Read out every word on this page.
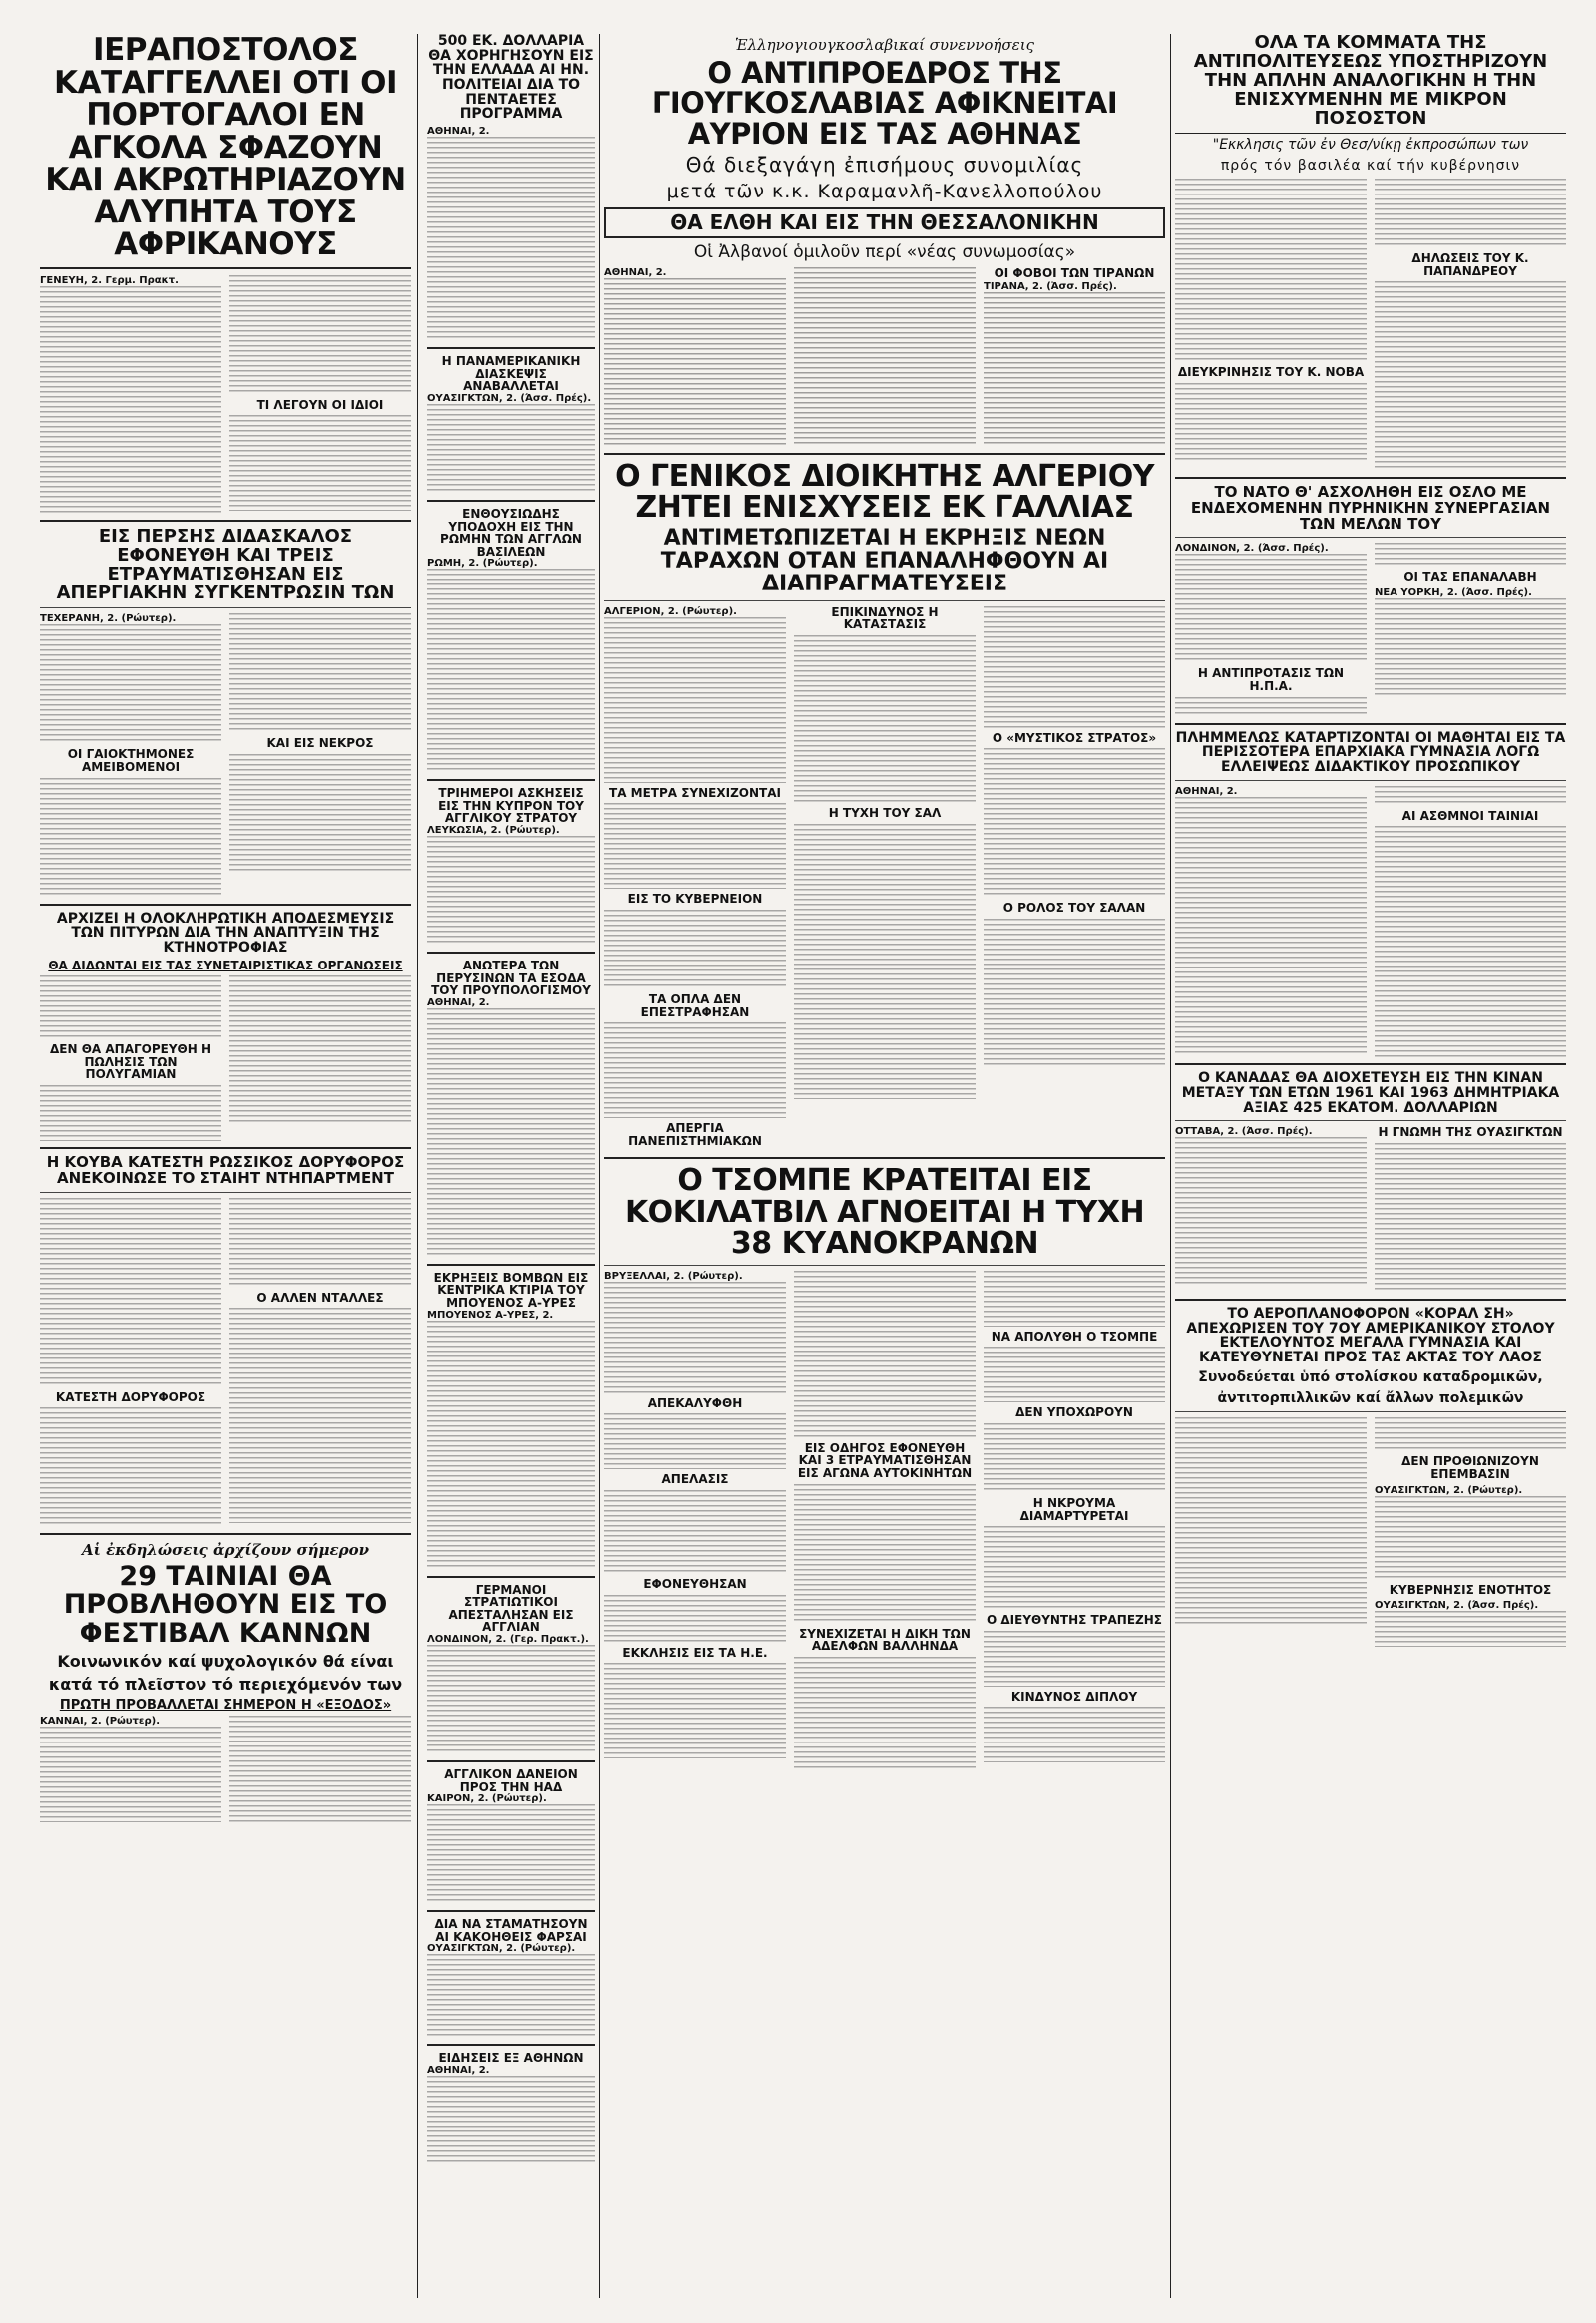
ΙΕΡΑΠΟΣΤΟΛΟΣ ΚΑΤΑΓΓΕΛΛΕΙ ΟΤΙ ΟΙ ΠΟΡΤΟΓΑΛΟΙ ΕΝ ΑΓΚΟΛΑ ΣΦΑΖΟΥΝ ΚΑΙ ΑΚΡΩΤΗΡΙΑΖΟΥΝ ΑΛΥΠΗΤΑ ΤΟΥΣ ΑΦΡΙΚΑΝΟΥΣ
ΓΕΝΕΥΗ, 2. Γερμ. Πρακτ.
ΤΙ ΛΕΓΟΥΝ ΟΙ ΙΔΙΟΙ
ΕΙΣ ΠΕΡΣΗΣ ΔΙΔΑΣΚΑΛΟΣ ΕΦΟΝΕΥΘΗ ΚΑΙ ΤΡΕΙΣ ΕΤΡΑΥΜΑΤΙΣΘΗΣΑΝ ΕΙΣ ΑΠΕΡΓΙΑΚΗΝ ΣΥΓΚΕΝΤΡΩΣΙΝ ΤΩΝ
ΤΕΧΕΡΑΝΗ, 2. (Ρώυτερ).
ΟΙ ΓΑΙΟΚΤΗΜΟΝΕΣ ΑΜΕΙΒΟΜΕΝΟΙ
ΚΑΙ ΕΙΣ ΝΕΚΡΟΣ
ΑΡΧΙΖΕΙ Η ΟΛΟΚΛΗΡΩΤΙΚΗ ΑΠΟΔΕΣΜΕΥΣΙΣ ΤΩΝ ΠΙΤΥΡΩΝ ΔΙΑ ΤΗΝ ΑΝΑΠΤΥΞΙΝ ΤΗΣ ΚΤΗΝΟΤΡΟΦΙΑΣ
ΘΑ ΔΙΔΩΝΤΑΙ ΕΙΣ ΤΑΣ ΣΥΝΕΤΑΙΡΙΣΤΙΚΑΣ ΟΡΓΑΝΩΣΕΙΣ
ΔΕΝ ΘΑ ΑΠΑΓΟΡΕΥΘΗ Η ΠΩΛΗΣΙΣ ΤΩΝ ΠΟΛΥΓΑΜΙΑΝ
Η ΚΟΥΒΑ ΚΑΤΕΣΤΗ ΡΩΣΣΙΚΟΣ ΔΟΡΥΦΟΡΟΣ ΑΝΕΚΟΙΝΩΣΕ ΤΟ ΣΤΑΙΗΤ ΝΤΗΠΑΡΤΜΕΝΤ
ΚΑΤΕΣΤΗ ΔΟΡΥΦΟΡΟΣ
Ο ΑΛΛΕΝ ΝΤΑΛΛΕΣ
Αἱ ἐκδηλώσεις ἀρχίζουν σήμερον
29 ΤΑΙΝΙΑΙ ΘΑ ΠΡΟΒΛΗΘΟΥΝ ΕΙΣ ΤΟ ΦΕΣΤΙΒΑΛ ΚΑΝΝΩΝ
Κοινωνικόν καί ψυχολογικόν θά είναι
κατά τό πλεῖστον τό περιεχόμενόν των
ΠΡΩΤΗ ΠΡΟΒΑΛΛΕΤΑΙ ΣΗΜΕΡΟΝ Η «ΕΞΟΔΟΣ»
ΚΑΝΝΑΙ, 2. (Ρώυτερ).
500 ΕΚ. ΔΟΛΛΑΡΙΑ ΘΑ ΧΟΡΗΓΗΣΟΥΝ ΕΙΣ ΤΗΝ ΕΛΛΑΔΑ ΑΙ ΗΝ. ΠΟΛΙΤΕΙΑΙ ΔΙΑ ΤΟ ΠΕΝΤΑΕΤΕΣ ΠΡΟΓΡΑΜΜΑ
ΑΘΗΝΑΙ, 2.
Η ΠΑΝΑΜΕΡΙΚΑΝΙΚΗ ΔΙΑΣΚΕΨΙΣ ΑΝΑΒΑΛΛΕΤΑΙ
ΟΥΑΣΙΓΚΤΩΝ, 2. (Άσσ. Πρές).
ΕΝΘΟΥΣΙΩΔΗΣ ΥΠΟΔΟΧΗ ΕΙΣ ΤΗΝ ΡΩΜΗΝ ΤΩΝ ΑΓΓΛΩΝ ΒΑΣΙΛΕΩΝ
ΡΩΜΗ, 2. (Ρώυτερ).
ΤΡΙΗΜΕΡΟΙ ΑΣΚΗΣΕΙΣ ΕΙΣ ΤΗΝ ΚΥΠΡΟΝ ΤΟΥ ΑΓΓΛΙΚΟΥ ΣΤΡΑΤΟΥ
ΛΕΥΚΩΣΙΑ, 2. (Ρώυτερ).
ΑΝΩΤΕΡΑ ΤΩΝ ΠΕΡΥΣΙΝΩΝ ΤΑ ΕΣΟΔΑ ΤΟΥ ΠΡΟΥΠΟΛΟΓΙΣΜΟΥ
ΑΘΗΝΑΙ, 2.
ΕΚΡΗΞΕΙΣ ΒΟΜΒΩΝ ΕΙΣ ΚΕΝΤΡΙΚΑ ΚΤΙΡΙΑ ΤΟΥ ΜΠΟΥΕΝΟΣ Α-ΥΡΕΣ
ΜΠΟΥΕΝΟΣ Α-ΥΡΕΣ, 2.
ΓΕΡΜΑΝΟΙ ΣΤΡΑΤΙΩΤΙΚΟΙ ΑΠΕΣΤΑΛΗΣΑΝ ΕΙΣ ΑΓΓΛΙΑΝ
ΛΟΝΔΙΝΟΝ, 2. (Γερ. Πρακτ.).
ΑΓΓΛΙΚΟΝ ΔΑΝΕΙΟΝ ΠΡΟΣ ΤΗΝ ΗΑΔ
ΚΑΙΡΟΝ, 2. (Ρώυτερ).
ΔΙΑ ΝΑ ΣΤΑΜΑΤΗΣΟΥΝ ΑΙ ΚΑΚΟΗΘΕΙΣ ΦΑΡΣΑΙ
ΟΥΑΣΙΓΚΤΩΝ, 2. (Ρώυτερ).
ΕΙΔΗΣΕΙΣ ΕΞ ΑΘΗΝΩΝ
ΑΘΗΝΑΙ, 2.
Ἑλληνογιουγκοσλαβικαί συνεννοήσεις
Ο ΑΝΤΙΠΡΟΕΔΡΟΣ ΤΗΣ ΓΙΟΥΓΚΟΣΛΑΒΙΑΣ ΑΦΙΚΝΕΙΤΑΙ ΑΥΡΙΟΝ ΕΙΣ ΤΑΣ ΑΘΗΝΑΣ
Θά διεξαγάγη ἐπισήμους συνομιλίας
μετά τῶν κ.κ. Καραμανλῆ-Κανελλοπούλου
ΘΑ ΕΛΘΗ ΚΑΙ ΕΙΣ ΤΗΝ ΘΕΣΣΑΛΟΝΙΚΗΝ
Οἱ Ἀλβανοί ὁμιλοῦν περί «νέας συνωμοσίας»
ΑΘΗΝΑΙ, 2.	ΟΙ ΦΟΒΟΙ ΤΩΝ ΤΙΡΑΝΩΝ
ΤΙΡΑΝΑ, 2. (Ἀσσ. Πρές).
Ο ΓΕΝΙΚΟΣ ΔΙΟΙΚΗΤΗΣ ΑΛΓΕΡΙΟΥ ΖΗΤΕΙ ΕΝΙΣΧΥΣΕΙΣ ΕΚ ΓΑΛΛΙΑΣ
ΑΝΤΙΜΕΤΩΠΙΖΕΤΑΙ Η ΕΚΡΗΞΙΣ ΝΕΩΝ ΤΑΡΑΧΩΝ ΟΤΑΝ ΕΠΑΝΑΛΗΦΘΟΥΝ ΑΙ ΔΙΑΠΡΑΓΜΑΤΕΥΣΕΙΣ
ΑΛΓΕΡΙΟΝ, 2. (Ρώυτερ).
ΤΑ ΜΕΤΡΑ ΣΥΝΕΧΙΖΟΝΤΑΙ
ΕΙΣ ΤΟ ΚΥΒΕΡΝΕΙΟΝ
ΤΑ ΟΠΛΑ ΔΕΝ ΕΠΕΣΤΡΑΦΗΣΑΝ
ΑΠΕΡΓΙΑ ΠΑΝΕΠΙΣΤΗΜΙΑΚΩΝ
ΕΠΙΚΙΝΔΥΝΟΣ Η ΚΑΤΑΣΤΑΣΙΣ
Η ΤΥΧΗ ΤΟΥ ΣΑΛ
Ο «ΜΥΣΤΙΚΟΣ ΣΤΡΑΤΟΣ»
Ο ΡΟΛΟΣ ΤΟΥ ΣΑΛΑΝ
Ο ΤΣΟΜΠΕ ΚΡΑΤΕΙΤΑΙ ΕΙΣ ΚΟΚΙΛΑΤΒΙΛ ΑΓΝΟΕΙΤΑΙ Η ΤΥΧΗ 38 ΚΥΑΝΟΚΡΑΝΩΝ
ΒΡΥΞΕΛΛΑΙ, 2. (Ρώυτερ).
ΑΠΕΚΑΛΥΦΘΗ
ΑΠΕΛΑΣΙΣ
ΕΦΟΝΕΥΘΗΣΑΝ
ΕΚΚΛΗΣΙΣ ΕΙΣ ΤΑ Η.Ε.
ΕΙΣ ΟΔΗΓΟΣ ΕΦΟΝΕΥΘΗ ΚΑΙ 3 ΕΤΡΑΥΜΑΤΙΣΘΗΣΑΝ ΕΙΣ ΑΓΩΝΑ ΑΥΤΟΚΙΝΗΤΩΝ
ΣΥΝΕΧΙΖΕΤΑΙ Η ΔΙΚΗ ΤΩΝ ΑΔΕΛΦΩΝ ΒΑΛΛΗΝΔΑ
ΝΑ ΑΠΟΛΥΘΗ Ο ΤΣΟΜΠΕ
ΔΕΝ ΥΠΟΧΩΡΟΥΝ
Η ΝΚΡΟΥΜΑ ΔΙΑΜΑΡΤΥΡΕΤΑΙ
Ο ΔΙΕΥΘΥΝΤΗΣ ΤΡΑΠΕΖΗΣ
ΚΙΝΔΥΝΟΣ ΔΙΠΛΟΥ
ΟΛΑ ΤΑ ΚΟΜΜΑΤΑ ΤΗΣ ΑΝΤΙΠΟΛΙΤΕΥΣΕΩΣ ΥΠΟΣΤΗΡΙΖΟΥΝ ΤΗΝ ΑΠΛΗΝ ΑΝΑΛΟΓΙΚΗΝ Η ΤΗΝ ΕΝΙΣΧΥΜΕΝΗΝ ΜΕ ΜΙΚΡΟΝ ΠΟΣΟΣΤΟΝ
"Εκκλησις τῶν ἐν Θεσ/νίκῃ ἐκπροσώπων των
πρός τόν βασιλέα καί τήν κυβέρνησιν
ΔΙΕΥΚΡΙΝΗΣΙΣ ΤΟΥ Κ. ΝΟΒΑ
ΔΗΛΩΣΕΙΣ ΤΟΥ Κ. ΠΑΠΑΝΔΡΕΟΥ
ΤΟ ΝΑΤΟ Θ' ΑΣΧΟΛΗΘΗ ΕΙΣ ΟΣΛΟ ΜΕ ΕΝΔΕΧΟΜΕΝΗΝ ΠΥΡΗΝΙΚΗΝ ΣΥΝΕΡΓΑΣΙΑΝ ΤΩΝ ΜΕΛΩΝ ΤΟΥ
ΛΟΝΔΙΝΟΝ, 2. (Άσσ. Πρές).
Η ΑΝΤΙΠΡΟΤΑΣΙΣ ΤΩΝ Η.Π.Α.
ΟΙ ΤΑΣ ΕΠΑΝΑΛΑΒΗ
ΝΕΑ ΥΟΡΚΗ, 2. (Άσσ. Πρές).
ΠΛΗΜΜΕΛΩΣ ΚΑΤΑΡΤΙΖΟΝΤΑΙ ΟΙ ΜΑΘΗΤΑΙ ΕΙΣ ΤΑ ΠΕΡΙΣΣΟΤΕΡΑ ΕΠΑΡΧΙΑΚΑ ΓΥΜΝΑΣΙΑ ΛΟΓΩ ΕΛΛΕΙΨΕΩΣ ΔΙΔΑΚΤΙΚΟΥ ΠΡΟΣΩΠΙΚΟΥ
ΑΘΗΝΑΙ, 2.
ΑΙ ΑΣΘΜΝΟΙ ΤΑΙΝΙΑΙ
Ο ΚΑΝΑΔΑΣ ΘΑ ΔΙΟΧΕΤΕΥΣΗ ΕΙΣ ΤΗΝ ΚΙΝΑΝ ΜΕΤΑΞΥ ΤΩΝ ΕΤΩΝ 1961 ΚΑΙ 1963 ΔΗΜΗΤΡΙΑΚΑ ΑΞΙΑΣ 425 ΕΚΑΤΟΜ. ΔΟΛΛΑΡΙΩΝ
ΟΤΤΑΒΑ, 2. (Άσσ. Πρές).	Η ΓΝΩΜΗ ΤΗΣ ΟΥΑΣΙΓΚΤΩΝ
ΤΟ ΑΕΡΟΠΛΑΝΟΦΟΡΟΝ «ΚΟΡΑΛ ΣΗ» ΑΠΕΧΩΡΙΣΕΝ ΤΟΥ 7ΟΥ ΑΜΕΡΙΚΑΝΙΚΟΥ ΣΤΟΛΟΥ ΕΚΤΕΛΟΥΝΤΟΣ ΜΕΓΑΛΑ ΓΥΜΝΑΣΙΑ ΚΑΙ ΚΑΤΕΥΘΥΝΕΤΑΙ ΠΡΟΣ ΤΑΣ ΑΚΤΑΣ ΤΟΥ ΛΑΟΣ
Συνοδεύεται ὑπό στολίσκου καταδρομικῶν,
ἀντιτορπιλλικῶν καί ἄλλων πολεμικῶν
ΔΕΝ ΠΡΟΘΙΩΝΙΖΟΥΝ ΕΠΕΜΒΑΣΙΝ
ΟΥΑΣΙΓΚΤΩΝ, 2. (Ρώυτερ).
ΚΥΒΕΡΝΗΣΙΣ ΕΝΟΤΗΤΟΣ
ΟΥΑΣΙΓΚΤΩΝ, 2. (Άσσ. Πρές).
